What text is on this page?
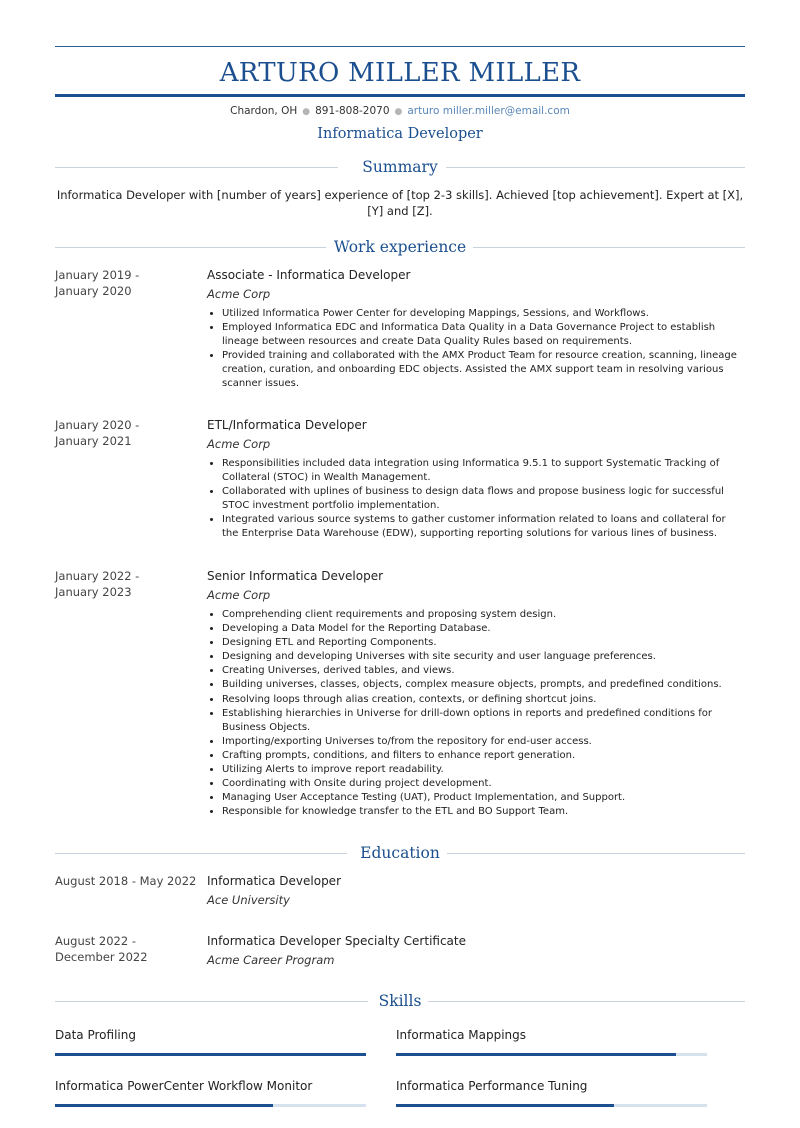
ARTURO MILLER MILLER
Chardon, OH ● 891-808-2070 ● arturo miller.miller@email.com
Informatica Developer
Summary
Informatica Developer with [number of years] experience of [top 2-3 skills]. Achieved [top achievement]. Expert at [X], [Y] and [Z].
Work experience
January 2019 -
January 2020
Associate - Informatica Developer
Acme Corp
• Utilized Informatica Power Center for developing Mappings, Sessions, and Workflows.
• Employed Informatica EDC and Informatica Data Quality in a Data Governance Project to establish lineage between resources and create Data Quality Rules based on requirements.
• Provided training and collaborated with the AMX Product Team for resource creation, scanning, lineage creation, curation, and onboarding EDC objects. Assisted the AMX support team in resolving various scanner issues.
January 2020 -
January 2021
ETL/Informatica Developer
Acme Corp
• Responsibilities included data integration using Informatica 9.5.1 to support Systematic Tracking of Collateral (STOC) in Wealth Management.
• Collaborated with uplines of business to design data flows and propose business logic for successful STOC investment portfolio implementation.
• Integrated various source systems to gather customer information related to loans and collateral for the Enterprise Data Warehouse (EDW), supporting reporting solutions for various lines of business.
January 2022 -
January 2023
Senior Informatica Developer
Acme Corp
• Comprehending client requirements and proposing system design.
• Developing a Data Model for the Reporting Database.
• Designing ETL and Reporting Components.
• Designing and developing Universes with site security and user language preferences.
• Creating Universes, derived tables, and views.
• Building universes, classes, objects, complex measure objects, prompts, and predefined conditions.
• Resolving loops through alias creation, contexts, or defining shortcut joins.
• Establishing hierarchies in Universe for drill-down options in reports and predefined conditions for Business Objects.
• Importing/exporting Universes to/from the repository for end-user access.
• Crafting prompts, conditions, and filters to enhance report generation.
• Utilizing Alerts to improve report readability.
• Coordinating with Onsite during project development.
• Managing User Acceptance Testing (UAT), Product Implementation, and Support.
• Responsible for knowledge transfer to the ETL and BO Support Team.
Education
August 2018 - May 2022 Informatica Developer
Ace University
August 2022 -
December 2022
Informatica Developer Specialty Certificate
Acme Career Program
Skills
Data Profiling	Informatica Mappings
Informatica PowerCenter Workflow Monitor	Informatica Performance Tuning
